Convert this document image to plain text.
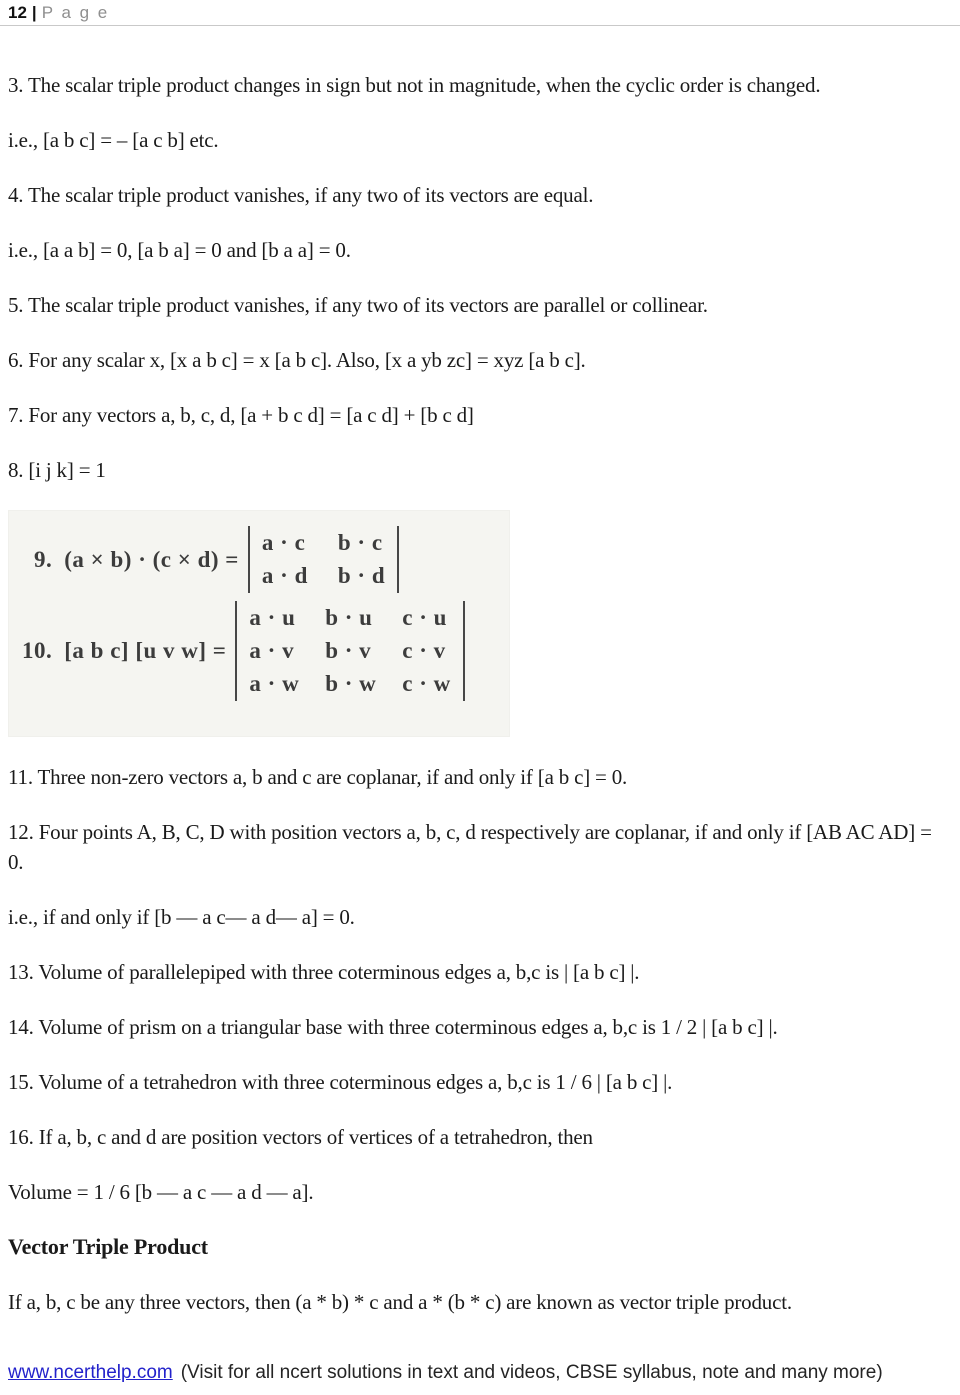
12 | P a g e

3. The scalar triple product changes in sign but not in magnitude, when the cyclic order is changed.

i.e., [a b c] = – [a c b] etc.

4. The scalar triple product vanishes, if any two of its vectors are equal.

i.e., [a a b] = 0, [a b a] = 0 and [b a a] = 0.

5. The scalar triple product vanishes, if any two of its vectors are parallel or collinear.

6. For any scalar x, [x a b c] = x [a b c]. Also, [x a yb zc] = xyz [a b c].

7. For any vectors a, b, c, d, [a + b c d] = [a c d] + [b c d]

8. [i j k] = 1

9. (a × b) · (c × d) =
a · c b · c
a · d b · d
10. [a b c] [u v w] =
a · u b · u c · u
a · v b · v c · v
a · w b · w c · w

11. Three non-zero vectors a, b and c are coplanar, if and only if [a b c] = 0.

12. Four points A, B, C, D with position vectors a, b, c, d respectively are coplanar, if and only if [AB AC AD] = 0.

i.e., if and only if [b — a c— a d— a] = 0.

13. Volume of parallelepiped with three coterminous edges a, b,c is | [a b c] |.

14. Volume of prism on a triangular base with three coterminous edges a, b,c is 1 / 2 | [a b c] |.

15. Volume of a tetrahedron with three coterminous edges a, b,c is 1 / 6 | [a b c] |.

16. If a, b, c and d are position vectors of vertices of a tetrahedron, then

Volume = 1 / 6 [b — a c — a d — a].

Vector Triple Product

If a, b, c be any three vectors, then (a * b) * c and a * (b * c) are known as vector triple product.

www.ncerthelp.com (Visit for all ncert solutions in text and videos, CBSE syllabus, note and many more)
